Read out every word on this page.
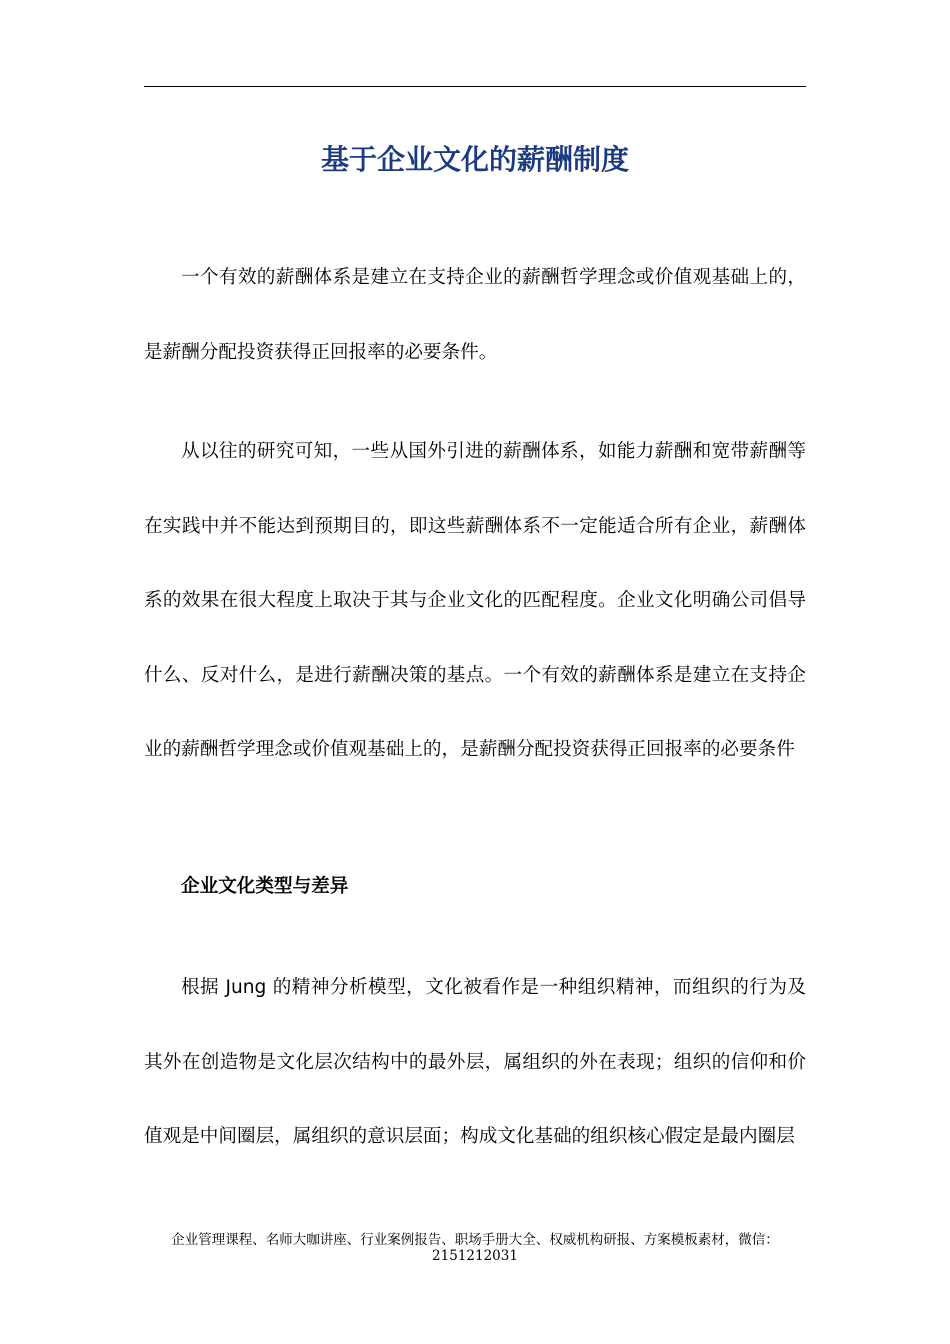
基于企业文化的薪酬制度

一个有效的薪酬体系是建立在支持企业的薪酬哲学理念或价值观基础上的，是薪酬分配投资获得正回报率的必要条件。

从以往的研究可知，一些从国外引进的薪酬体系，如能力薪酬和宽带薪酬等在实践中并不能达到预期目的，即这些薪酬体系不一定能适合所有企业，薪酬体系的效果在很大程度上取决于其与企业文化的匹配程度。企业文化明确公司倡导什么、反对什么，是进行薪酬决策的基点。一个有效的薪酬体系是建立在支持企业的薪酬哲学理念或价值观基础上的，是薪酬分配投资获得正回报率的必要条件

企业文化类型与差异

根据 Jung 的精神分析模型，文化被看作是一种组织精神，而组织的行为及其外在创造物是文化层次结构中的最外层，属组织的外在表现；组织的信仰和价值观是中间圈层，属组织的意识层面；构成文化基础的组织核心假定是最内圈层

企业管理课程、名师大咖讲座、行业案例报告、职场手册大全、权威机构研报、方案模板素材，微信：
2151212031
